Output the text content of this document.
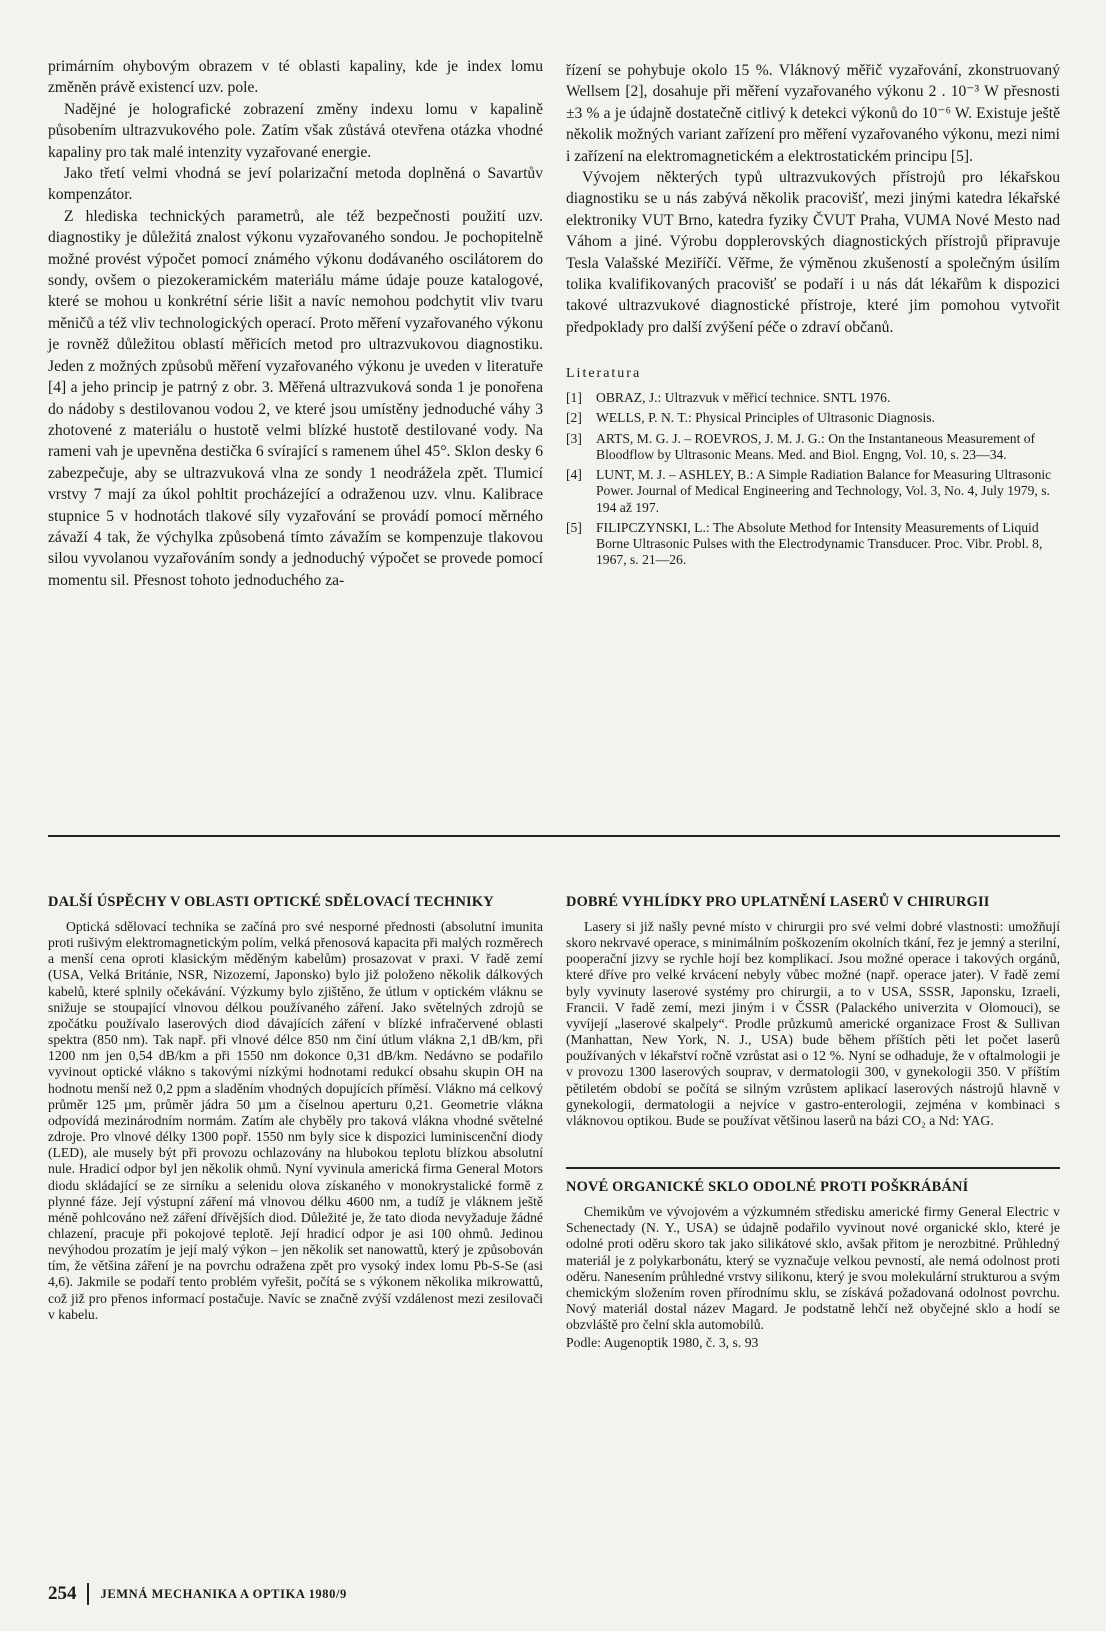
primárním ohybovým obrazem v té oblasti kapaliny, kde je index lomu změněn právě existencí uzv. pole.

Nadějné je holografické zobrazení změny indexu lomu v kapalině působením ultrazvukového pole. Zatím však zůstává otevřena otázka vhodné kapaliny pro tak malé intenzity vyzařované energie.

Jako třetí velmi vhodná se jeví polarizační metoda doplněná o Savartův kompenzátor.

Z hlediska technických parametrů, ale též bezpečnosti použití uzv. diagnostiky je důležitá znalost výkonu vyzařovaného sondou. Je pochopitelně možné provést výpočet pomocí známého výkonu dodávaného oscilátorem do sondy, ovšem o piezokeramickém materiálu máme údaje pouze katalogové, které se mohou u konkrétní série lišit a navíc nemohou podchytit vliv tvaru měničů a též vliv technologických operací. Proto měření vyzařovaného výkonu je rovněž důležitou oblastí měřicích metod pro ultrazvukovou diagnostiku. Jeden z možných způsobů měření vyzařovaného výkonu je uveden v literatuře [4] a jeho princip je patrný z obr. 3. Měřená ultrazvuková sonda 1 je ponořena do nádoby s destilovanou vodou 2, ve které jsou umístěny jednoduché váhy 3 zhotovené z materiálu o hustotě velmi blízké hustotě destilované vody. Na rameni vah je upevněna destička 6 svírající s ramenem úhel 45°. Sklon desky 6 zabezpečuje, aby se ultrazvuková vlna ze sondy 1 neodrážela zpět. Tlumicí vrstvy 7 mají za úkol pohltit procházející a odraženou uzv. vlnu. Kalibrace stupnice 5 v hodnotách tlakové síly vyzařování se provádí pomocí měrného závaží 4 tak, že výchylka způsobená tímto závažím se kompenzuje tlakovou silou vyvolanou vyzařováním sondy a jednoduchý výpočet se provede pomocí momentu sil. Přesnost tohoto jednoduchého za-

řízení se pohybuje okolo 15 %. Vláknový měřič vyzařování, zkonstruovaný Wellsem [2], dosahuje při měření vyzařovaného výkonu 2 . 10⁻³ W přesnosti ±3 % a je údajně dostatečně citlivý k detekci výkonů do 10⁻⁶ W. Existuje ještě několik možných variant zařízení pro měření vyzařovaného výkonu, mezi nimi i zařízení na elektromagnetickém a elektrostatickém principu [5].

Vývojem některých typů ultrazvukových přístrojů pro lékařskou diagnostiku se u nás zabývá několik pracovišť, mezi jinými katedra lékařské elektroniky VUT Brno, katedra fyziky ČVUT Praha, VUMA Nové Mesto nad Váhom a jiné. Výrobu dopplerovských diagnostických přístrojů připravuje Tesla Valašské Meziříčí. Věřme, že výměnou zkušeností a společným úsilím tolika kvalifikovaných pracovišť se podaří i u nás dát lékařům k dispozici takové ultrazvukové diagnostické přístroje, které jim pomohou vytvořit předpoklady pro další zvýšení péče o zdraví občanů.

Literatura
[1] OBRAZ, J.: Ultrazvuk v měřicí technice. SNTL 1976.
[2] WELLS, P. N. T.: Physical Principles of Ultrasonic Diagnosis.
[3] ARTS, M. G. J. – ROEVROS, J. M. J. G.: On the Instantaneous Measurement of Bloodflow by Ultrasonic Means. Med. and Biol. Engng, Vol. 10, s. 23—34.
[4] LUNT, M. J. – ASHLEY, B.: A Simple Radiation Balance for Measuring Ultrasonic Power. Journal of Medical Engineering and Technology, Vol. 3, No. 4, July 1979, s. 194 až 197.
[5] FILIPCZYNSKI, L.: The Absolute Method for Intensity Measurements of Liquid Borne Ultrasonic Pulses with the Electrodynamic Transducer. Proc. Vibr. Probl. 8, 1967, s. 21—26.
DALŠÍ ÚSPĚCHY V OBLASTI OPTICKÉ SDĚLOVACÍ TECHNIKY

Optická sdělovací technika se začíná pro své nesporné přednosti (absolutní imunita proti rušivým elektromagnetickým polím, velká přenosová kapacita při malých rozměrech a menší cena oproti klasickým měděným kabelům) prosazovat v praxi. V řadě zemí (USA, Velká Británie, NSR, Nizozemí, Japonsko) bylo již položeno několik dálkových kabelů, které splnily očekávání. Výzkumy bylo zjištěno, že útlum v optickém vláknu se snižuje se stoupající vlnovou délkou používaného záření. Jako světelných zdrojů se zpočátku používalo laserových diod dávajících záření v blízké infračervené oblasti spektra (850 nm). Tak např. při vlnové délce 850 nm činí útlum vlákna 2,1 dB/km, při 1200 nm jen 0,54 dB/km a při 1550 nm dokonce 0,31 dB/km. Nedávno se podařilo vyvinout optické vlákno s takovými nízkými hodnotami redukcí obsahu skupin OH na hodnotu menší než 0,2 ppm a sladěním vhodných dopujících příměsí. Vlákno má celkový průměr 125 µm, průměr jádra 50 µm a číselnou aperturu 0,21. Geometrie vlákna odpovídá mezinárodním normám. Zatím ale chyběly pro taková vlákna vhodné světelné zdroje. Pro vlnové délky 1300 popř. 1550 nm byly sice k dispozici luminiscenční diody (LED), ale musely být při provozu ochlazovány na hlubokou teplotu blízkou absolutní nule. Hradicí odpor byl jen několik ohmů. Nyní vyvinula americká firma General Motors diodu skládající se ze sirníku a selenidu olova získaného v monokrystalické formě z plynné fáze. Její výstupní záření má vlnovou délku 4600 nm, a tudíž je vláknem ještě méně pohlcováno než záření dřívějších diod. Důležité je, že tato dioda nevyžaduje žádné chlazení, pracuje při pokojové teplotě. Její hradicí odpor je asi 100 ohmů. Jedinou nevýhodou prozatím je její malý výkon – jen několik set nanowattů, který je způsobován tím, že většina záření je na povrchu odražena zpět pro vysoký index lomu Pb-S-Se (asi 4,6). Jakmile se podaří tento problém vyřešit, počítá se s výkonem několika mikrowattů, což již pro přenos informací postačuje. Navíc se značně zvýší vzdálenost mezi zesilovači v kabelu.

DOBRÉ VYHLÍDKY PRO UPLATNĚNÍ LASERŮ V CHIRURGII

Lasery si již našly pevné místo v chirurgii pro své velmi dobré vlastnosti: umožňují skoro nekrvavé operace, s minimálním poškozením okolních tkání, řez je jemný a sterilní, pooperační jizvy se rychle hojí bez komplikací. Jsou možné operace i takových orgánů, které dříve pro velké krvácení nebyly vůbec možné (např. operace jater). V řadě zemí byly vyvinuty laserové systémy pro chirurgii, a to v USA, SSSR, Japonsku, Izraeli, Francii. V řadě zemí, mezi jiným i v ČSSR (Palackého univerzita v Olomouci), se vyvíjejí „laserové skalpely“. Prodle průzkumů americké organizace Frost & Sullivan (Manhattan, New York, N. J., USA) bude během příštích pěti let počet laserů používaných v lékařství ročně vzrůstat asi o 12 %. Nyní se odhaduje, že v oftalmologii je v provozu 1300 laserových souprav, v dermatologii 300, v gynekologii 350. V příštím pětiletém období se počítá se silným vzrůstem aplikací laserových nástrojů hlavně v gynekologii, dermatologii a nejvíce v gastro-enterologii, zejména v kombinaci s vláknovou optikou. Bude se používat většinou laserů na bázi CO₂ a Nd: YAG.

NOVÉ ORGANICKÉ SKLO ODOLNÉ PROTI POŠKRÁBÁNÍ

Chemikům ve vývojovém a výzkumném středisku americké firmy General Electric v Schenectady (N. Y., USA) se údajně podařilo vyvinout nové organické sklo, které je odolné proti oděru skoro tak jako silikátové sklo, avšak přitom je nerozbitné. Průhledný materiál je z polykarbonátu, který se vyznačuje velkou pevností, ale nemá odolnost proti oděru. Nanesením průhledné vrstvy silikonu, který je svou molekulární strukturou a svým chemickým složením roven přírodnímu sklu, se získává požadovaná odolnost povrchu. Nový materiál dostal název Magard. Je podstatně lehčí než obyčejné sklo a hodí se obzvláště pro čelní skla automobilů.

Podle: Augenoptik 1980, č. 3, s. 93

254 JEMNÁ MECHANIKA A OPTIKA 1980/9
